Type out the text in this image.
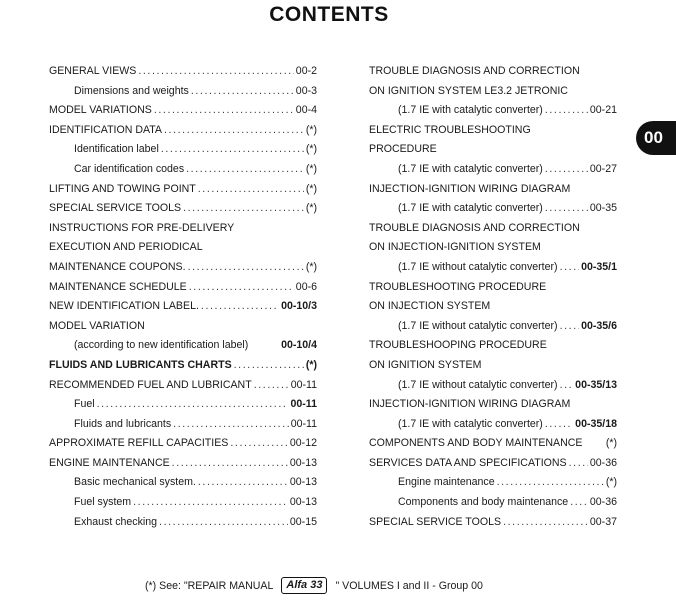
CONTENTS
GENERAL VIEWS .....	00-2
Dimensions and weights .....	00-3
MODEL VARIATIONS .....	00-4
IDENTIFICATION DATA .....	(*)
Identification label .....	(*)
Car identification codes .....	(*)
LIFTING AND TOWING POINT .....	(*)
SPECIAL SERVICE TOOLS .....	(*)
INSTRUCTIONS FOR PRE-DELIVERY
EXECUTION AND PERIODICAL
MAINTENANCE COUPONS. .....	(*)
MAINTENANCE SCHEDULE .....	00-6
NEW IDENTIFICATION LABEL. .....	00-10/3
MODEL VARIATION
(according to new identification label)	00-10/4
FLUIDS AND LUBRICANTS CHARTS .....	(*)
RECOMMENDED FUEL AND LUBRICANT .....	00-11
Fuel .....	00-11
Fluids and lubricants .....	00-11
APPROXIMATE REFILL CAPACITIES .....	00-12
ENGINE MAINTENANCE .....	00-13
Basic mechanical system. .....	00-13
Fuel system .....	00-13
Exhaust checking .....	00-15
TROUBLE DIAGNOSIS AND CORRECTION
ON IGNITION SYSTEM LE3.2 JETRONIC
(1.7 IE with catalytic converter) .....	00-21
ELECTRIC TROUBLESHOOTING
PROCEDURE
(1.7 IE with catalytic converter) .....	00-27
INJECTION-IGNITION WIRING DIAGRAM
(1.7 IE with catalytic converter) .....	00-35
TROUBLE DIAGNOSIS AND CORRECTION
ON INJECTION-IGNITION SYSTEM
(1.7 IE without catalytic converter) ..... 00-35/1
TROUBLESHOOTING PROCEDURE
ON INJECTION SYSTEM
(1.7 IE without catalytic converter) ..... 00-35/6
TROUBLESHOOPING PROCEDURE
ON IGNITION SYSTEM
(1.7 IE without catalytic converter) ..... 00-35/13
INJECTION-IGNITION WIRING DIAGRAM
(1.7 IE with catalytic converter) .....	00-35/18
COMPONENTS AND BODY MAINTENANCE (*)
SERVICES DATA AND SPECIFICATIONS ..... 00-36
Engine maintenance .....	(*)
Components and body maintenance ..... 00-36
SPECIAL SERVICE TOOLS .....	00-37
00
(*) See: "REPAIR MANUAL	Alfa 33	" VOLUMES I and II - Group 00
